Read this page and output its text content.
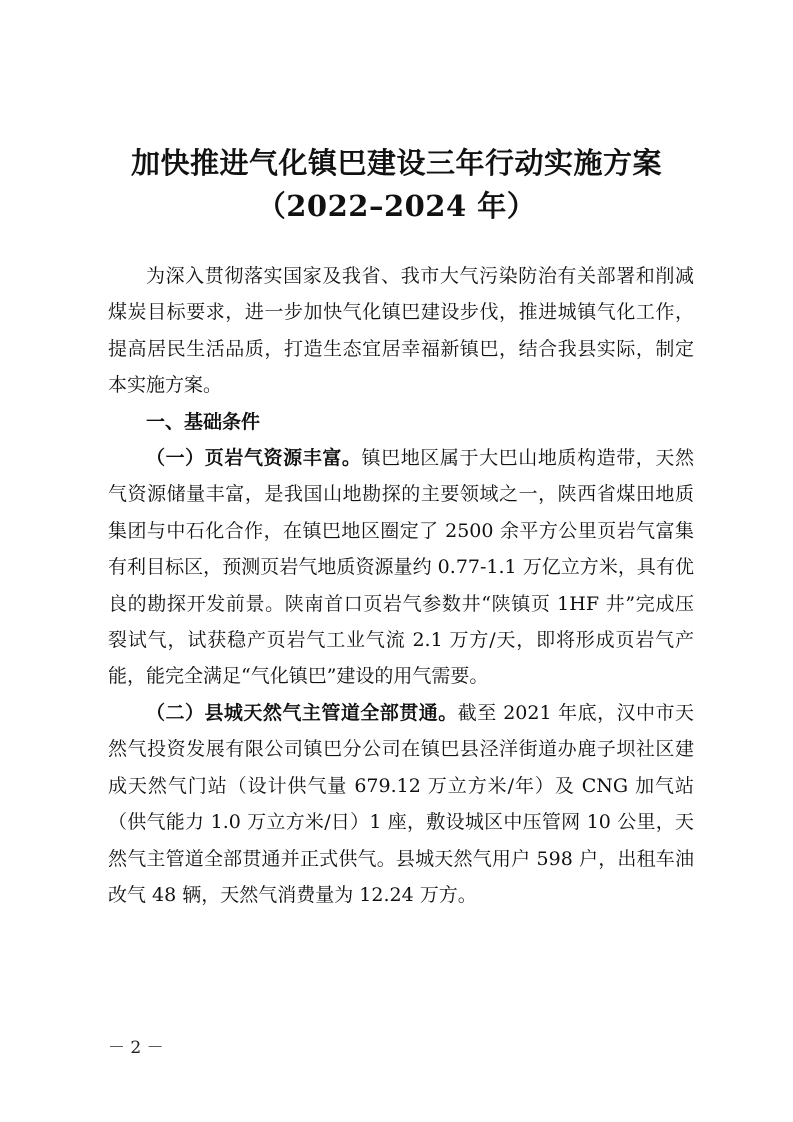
加快推进气化镇巴建设三年行动实施方案
（2022–2024 年）

为深入贯彻落实国家及我省、我市大气污染防治有关部署和削减煤炭目标要求，进一步加快气化镇巴建设步伐，推进城镇气化工作，提高居民生活品质，打造生态宜居幸福新镇巴，结合我县实际，制定本实施方案。

一、基础条件

（一）页岩气资源丰富。镇巴地区属于大巴山地质构造带，天然气资源储量丰富，是我国山地勘探的主要领域之一，陕西省煤田地质集团与中石化合作，在镇巴地区圈定了 2500 余平方公里页岩气富集有利目标区，预测页岩气地质资源量约 0.77-1.1 万亿立方米，具有优良的勘探开发前景。陕南首口页岩气参数井“陕镇页 1HF 井”完成压裂试气，试获稳产页岩气工业气流 2.1 万方/天，即将形成页岩气产能，能完全满足“气化镇巴”建设的用气需要。

（二）县城天然气主管道全部贯通。截至 2021 年底，汉中市天然气投资发展有限公司镇巴分公司在镇巴县泾洋街道办鹿子坝社区建成天然气门站（设计供气量 679.12 万立方米/年）及 CNG 加气站（供气能力 1.0 万立方米/日）1 座，敷设城区中压管网 10 公里，天然气主管道全部贯通并正式供气。县城天然气用户 598 户，出租车油改气 48 辆，天然气消费量为 12.24 万方。

－ 2 －
